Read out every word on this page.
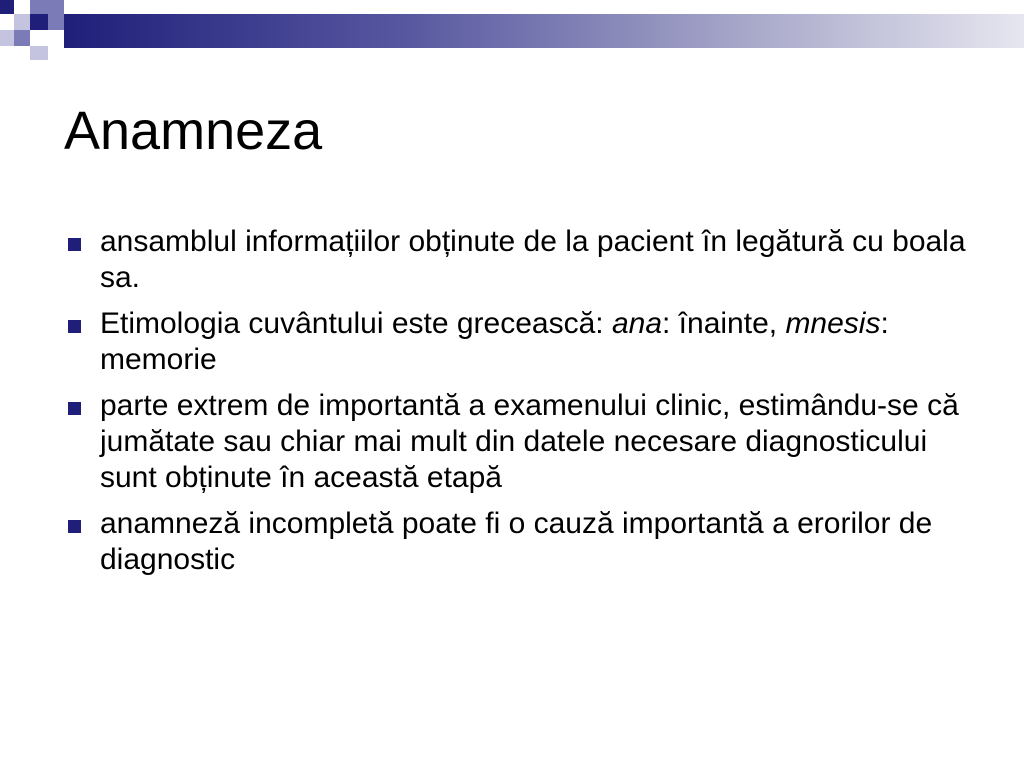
Anamneza
ansamblul informațiilor obținute de la pacient în legătură cu boala sa.
Etimologia cuvântului este grecească: ana: înainte, mnesis: memorie
parte extrem de importantă a examenului clinic, estimându-se că jumătate sau chiar mai mult din datele necesare diagnosticului sunt obținute în această etapă
anamneză incompletă poate fi o cauză importantă a erorilor de diagnostic
